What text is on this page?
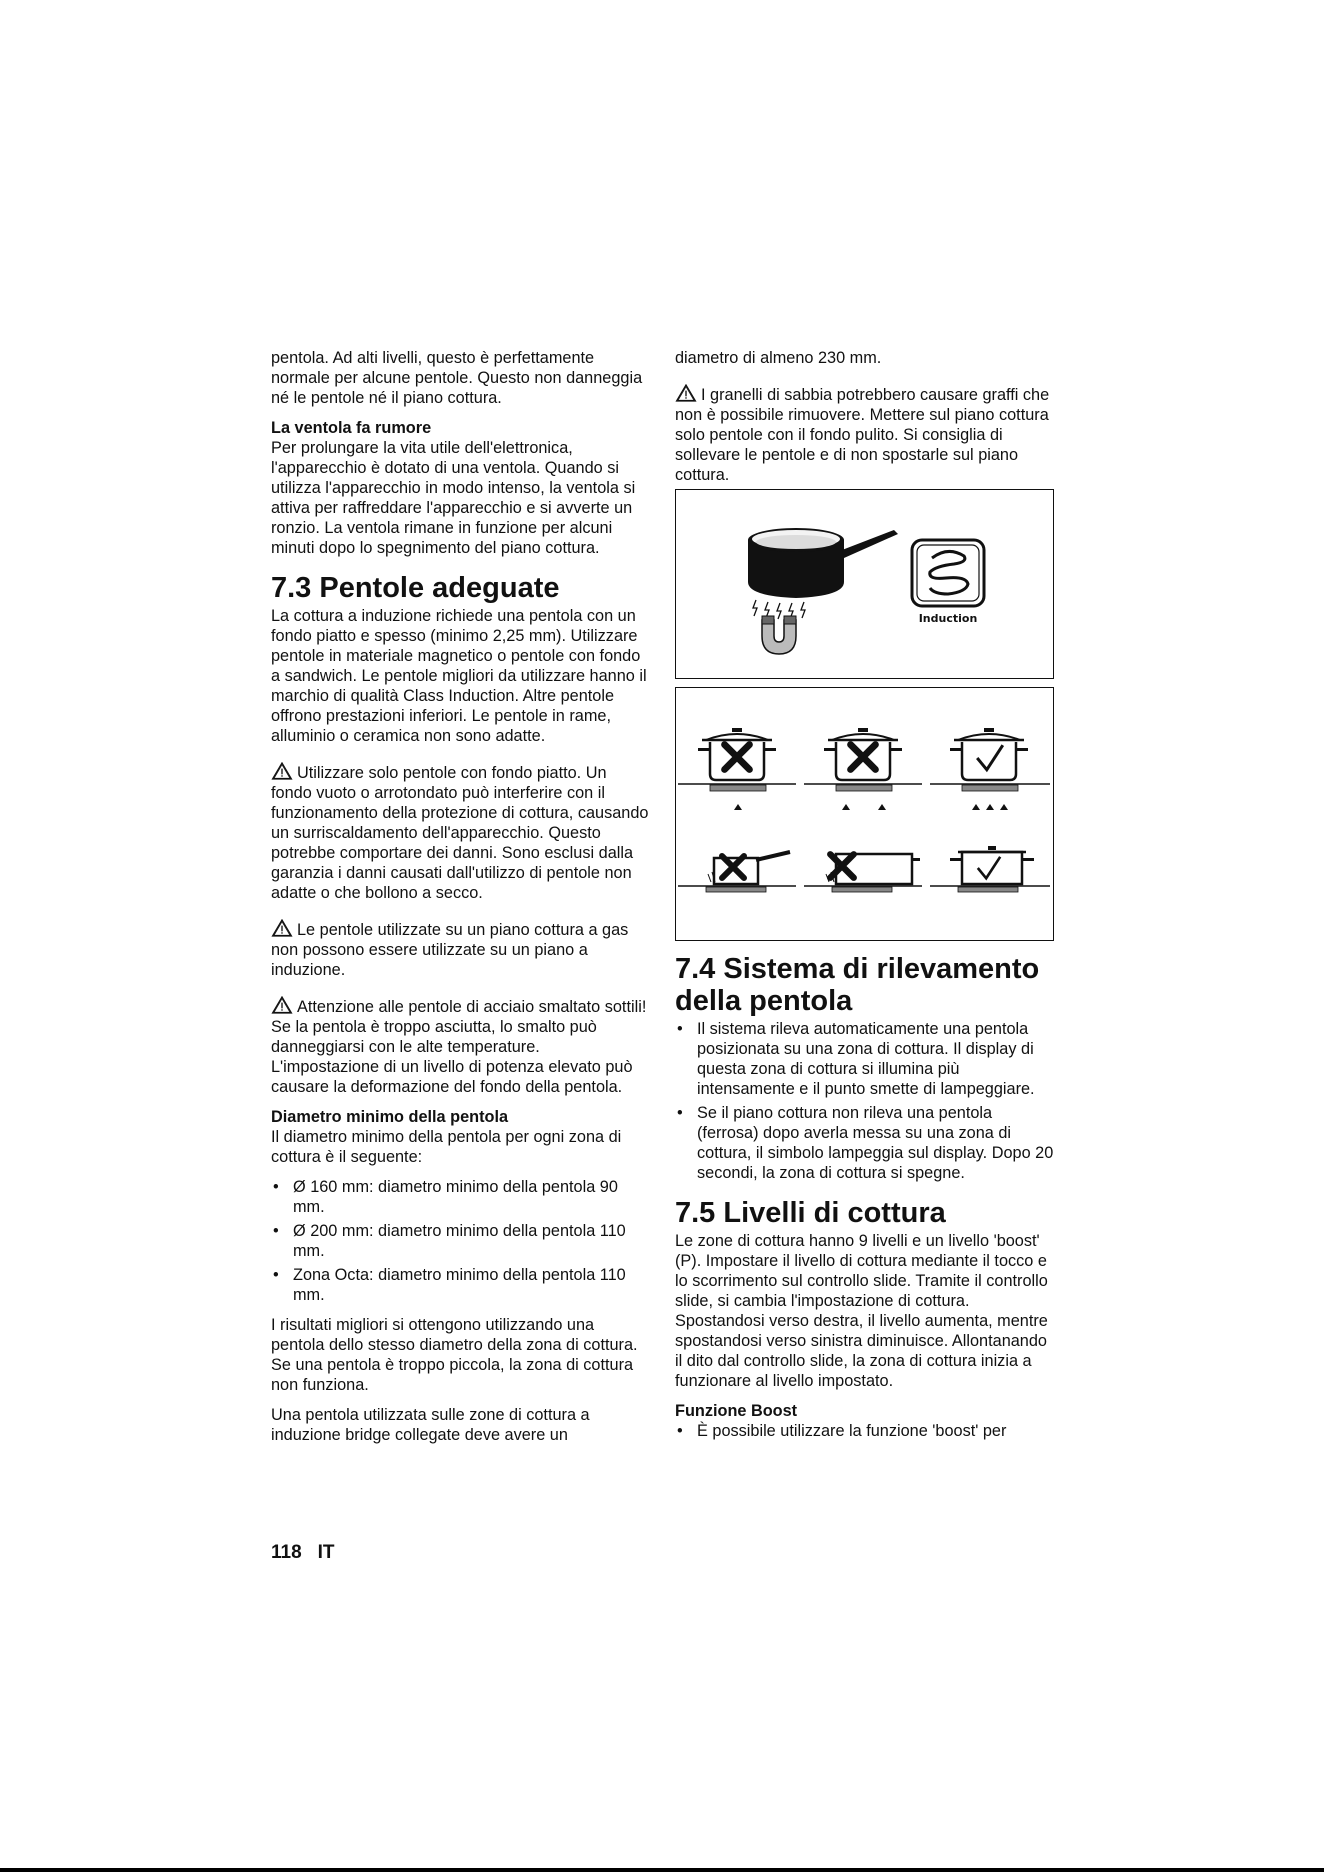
pentola. Ad alti livelli, questo è perfettamente normale per alcune pentole. Questo non danneggia né le pentole né il piano cottura.

La ventola fa rumore

Per prolungare la vita utile dell'elettronica, l'apparecchio è dotato di una ventola. Quando si utilizza l'apparecchio in modo intenso, la ventola si attiva per raffreddare l'apparecchio e si avverte un ronzio. La ventola rimane in funzione per alcuni minuti dopo lo spegnimento del piano cottura.

7.3 Pentole adeguate

La cottura a induzione richiede una pentola con un fondo piatto e spesso (minimo 2,25 mm). Utilizzare pentole in materiale magnetico o pentole con fondo a sandwich. Le pentole migliori da utilizzare hanno il marchio di qualità Class Induction. Altre pentole offrono prestazioni inferiori. Le pentole in rame, alluminio o ceramica non sono adatte.

Utilizzare solo pentole con fondo piatto. Un fondo vuoto o arrotondato può interferire con il funzionamento della protezione di cottura, causando un surriscaldamento dell'apparecchio. Questo potrebbe comportare dei danni. Sono esclusi dalla garanzia i danni causati dall'utilizzo di pentole non adatte o che bollono a secco.

Le pentole utilizzate su un piano cottura a gas non possono essere utilizzate su un piano a induzione.

Attenzione alle pentole di acciaio smaltato sottili! Se la pentola è troppo asciutta, lo smalto può danneggiarsi con le alte temperature. L'impostazione di un livello di potenza elevato può causare la deformazione del fondo della pentola.

Diametro minimo della pentola

Il diametro minimo della pentola per ogni zona di cottura è il seguente:

• Ø 160 mm: diametro minimo della pentola 90 mm.
• Ø 200 mm: diametro minimo della pentola 110 mm.
• Zona Octa: diametro minimo della pentola 110 mm.

I risultati migliori si ottengono utilizzando una pentola dello stesso diametro della zona di cottura. Se una pentola è troppo piccola, la zona di cottura non funziona.

Una pentola utilizzata sulle zone di cottura a induzione bridge collegate deve avere un

diametro di almeno 230 mm.

I granelli di sabbia potrebbero causare graffi che non è possibile rimuovere. Mettere sul piano cottura solo pentole con il fondo pulito. Si consiglia di sollevare le pentole e di non spostarle sul piano cottura.

Induction
7.4 Sistema di rilevamento della pentola
• Il sistema rileva automaticamente una pentola posizionata su una zona di cottura. Il display di questa zona di cottura si illumina più intensamente e il punto smette di lampeggiare.
• Se il piano cottura non rileva una pentola (ferrosa) dopo averla messa su una zona di cottura, il simbolo lampeggia sul display. Dopo 20 secondi, la zona di cottura si spegne.
7.5 Livelli di cottura

Le zone di cottura hanno 9 livelli e un livello 'boost' (P). Impostare il livello di cottura mediante il tocco e lo scorrimento sul controllo slide. Tramite il controllo slide, si cambia l'impostazione di cottura. Spostandosi verso destra, il livello aumenta, mentre spostandosi verso sinistra diminuisce. Allontanando il dito dal controllo slide, la zona di cottura inizia a funzionare al livello impostato.

Funzione Boost
• È possibile utilizzare la funzione 'boost' per
118 IT
